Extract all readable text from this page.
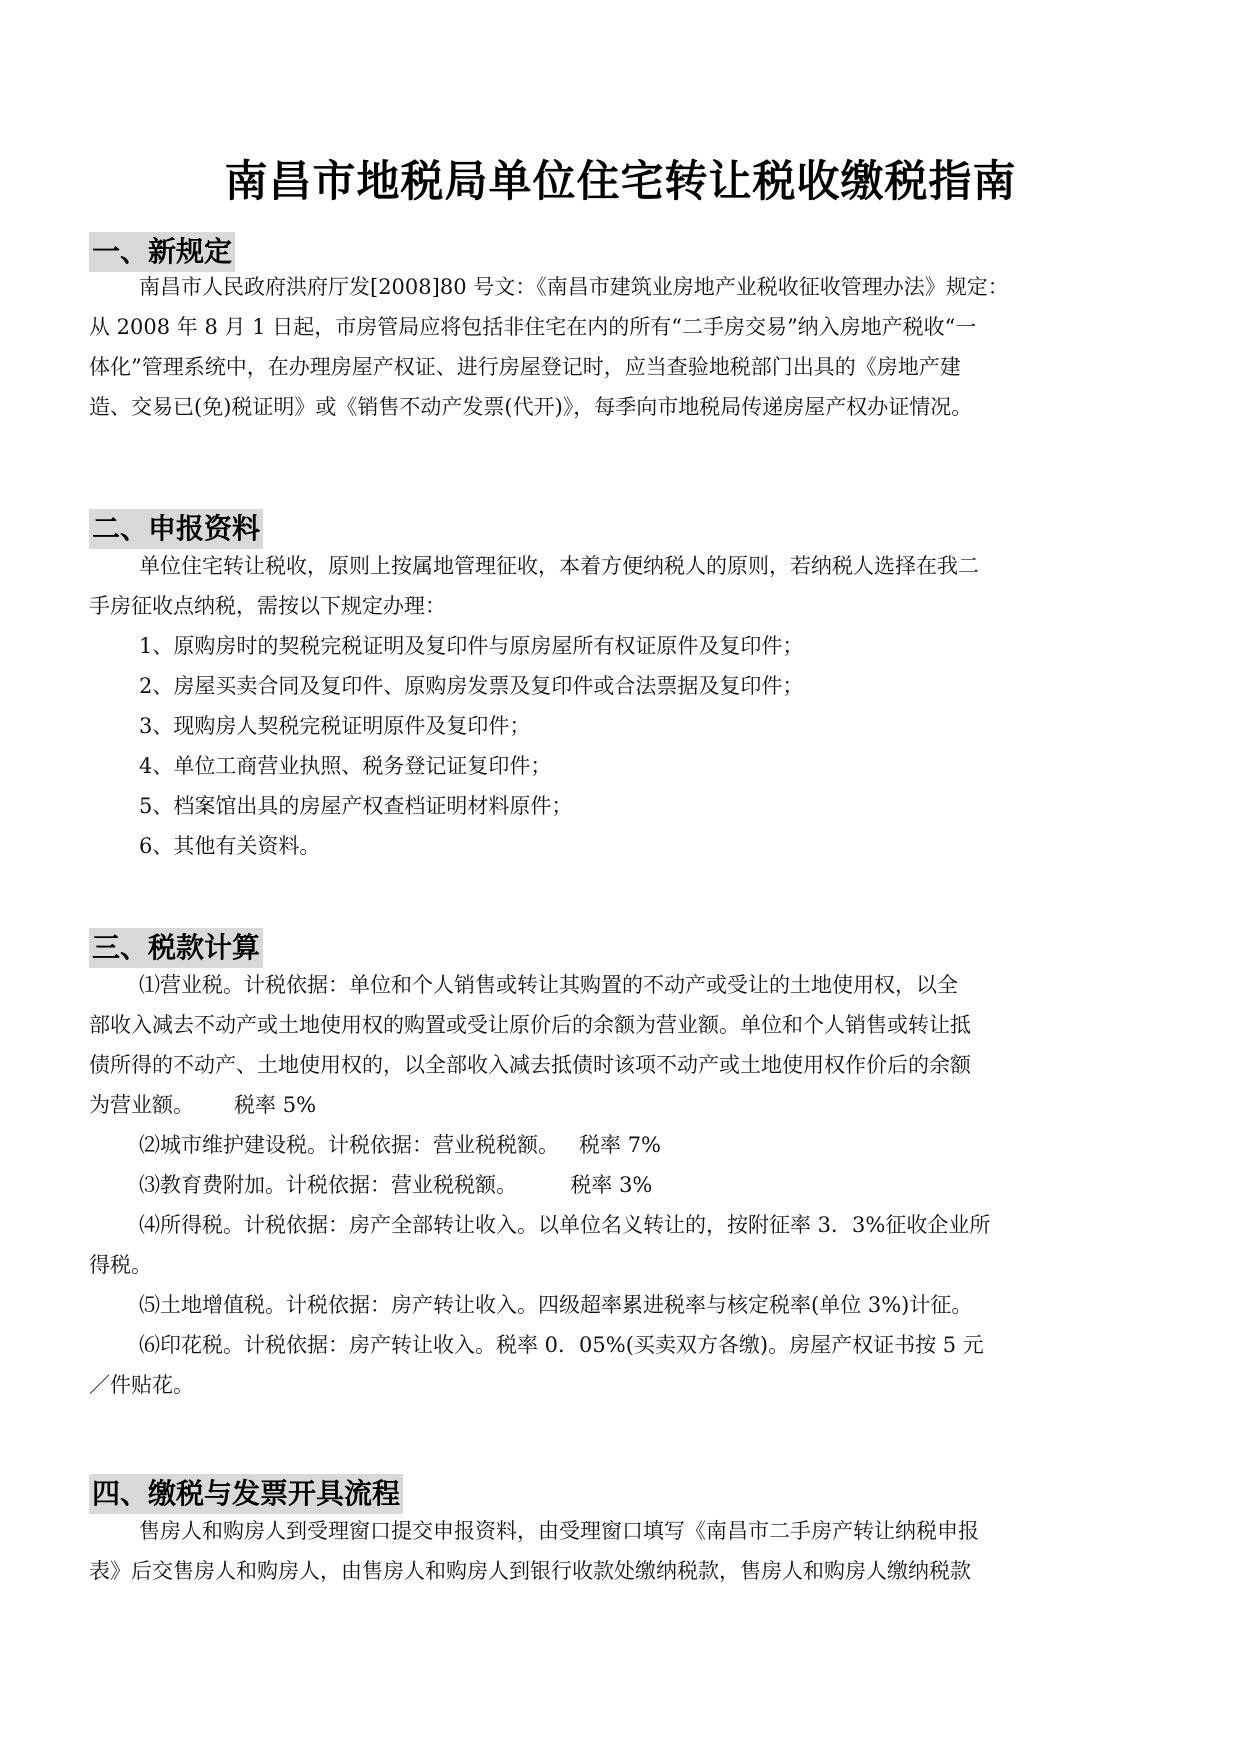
南昌市地税局单位住宅转让税收缴税指南
一、新规定
南昌市人民政府洪府厅发[2008]80 号文：《南昌市建筑业房地产业税收征收管理办法》规定：
从 2008 年 8 月 1 日起，市房管局应将包括非住宅在内的所有“二手房交易”纳入房地产税收“一
体化”管理系统中，在办理房屋产权证、进行房屋登记时，应当查验地税部门出具的《房地产建
造、交易已(免)税证明》或《销售不动产发票(代开)》，每季向市地税局传递房屋产权办证情况。
二、申报资料
单位住宅转让税收，原则上按属地管理征收，本着方便纳税人的原则，若纳税人选择在我二
手房征收点纳税，需按以下规定办理：
1、原购房时的契税完税证明及复印件与原房屋所有权证原件及复印件；
2、房屋买卖合同及复印件、原购房发票及复印件或合法票据及复印件；
3、现购房人契税完税证明原件及复印件；
4、单位工商营业执照、税务登记证复印件；
5、档案馆出具的房屋产权查档证明材料原件；
6、其他有关资料。
三、税款计算
⑴营业税。计税依据：单位和个人销售或转让其购置的不动产或受让的土地使用权，以全
部收入减去不动产或土地使用权的购置或受让原价后的余额为营业额。单位和个人销售或转让抵
债所得的不动产、土地使用权的，以全部收入减去抵债时该项不动产或土地使用权作价后的余额
为营业额。      税率 5%
⑵城市维护建设税。计税依据：营业税税额。   税率 7%
⑶教育费附加。计税依据：营业税税额。        税率 3%
⑷所得税。计税依据：房产全部转让收入。以单位名义转让的，按附征率 3．3%征收企业所
得税。
⑸土地增值税。计税依据：房产转让收入。四级超率累进税率与核定税率(单位 3%)计征。
⑹印花税。计税依据：房产转让收入。税率 0．05%(买卖双方各缴)。房屋产权证书按 5 元
／件贴花。
四、缴税与发票开具流程
售房人和购房人到受理窗口提交申报资料，由受理窗口填写《南昌市二手房产转让纳税申报
表》后交售房人和购房人，由售房人和购房人到银行收款处缴纳税款，售房人和购房人缴纳税款
